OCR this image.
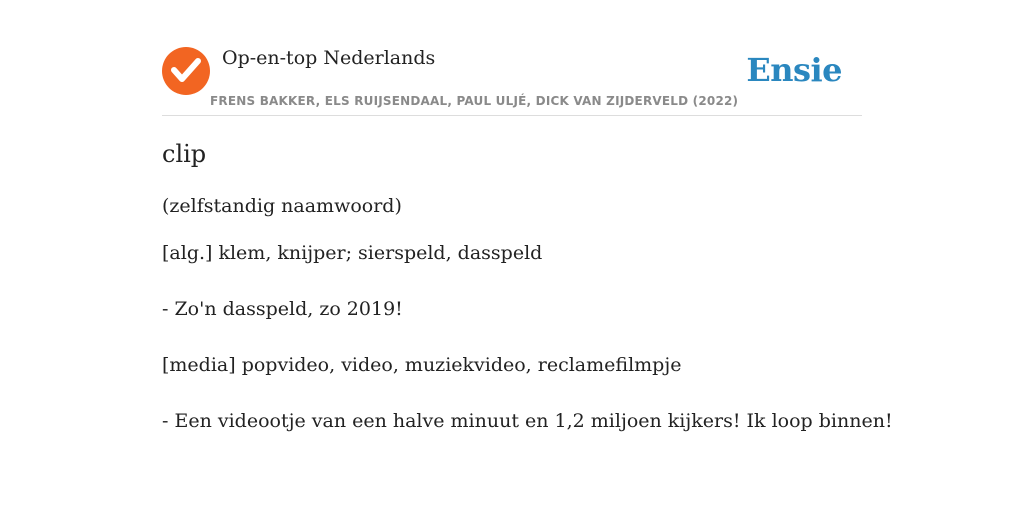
Op-en-top Nederlands
FRENS BAKKER, ELS RUIJSENDAAL, PAUL ULJÉ, DICK VAN ZIJDERVELD (2022)
Ensie
clip
(zelfstandig naamwoord)
[alg.] klem, knijper; sierspeld, dasspeld
- Zo'n dasspeld, zo 2019!
[media] popvideo, video, muziekvideo, reclamefilmpje
- Een videootje van een halve minuut en 1,2 miljoen kijkers! Ik loop binnen!
